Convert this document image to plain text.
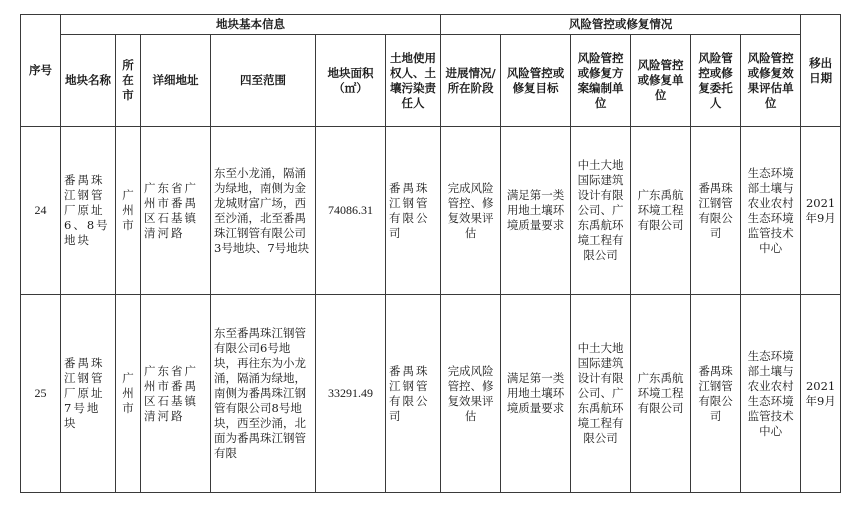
序号	地块基本信息						风险管控或修复情况						移出日期
	地块名称	所在市	详细地址	四至范围	地块面积（㎡）	土地使用权人、土壤污染责任人	进展情况/所在阶段	风险管控或修复目标	风险管控或修复方案编制单位	风险管控或修复单位	风险管控或修复委托人	风险管控或修复效果评估单位	
24	番禺珠江钢管厂原址6、8号地块	广州市	广东省广州市番禺区石基镇清河路	东至小龙涌，隔涌为绿地，南侧为金龙城财富广场，西至沙涌，北至番禺珠江钢管有限公司3号地块、7号地块	74086.31	番禺珠江钢管有限公司	完成风险管控、修复效果评估	满足第一类用地土壤环境质量要求	中土大地国际建筑设计有限公司、广东禹航环境工程有限公司	广东禹航环境工程有限公司	番禺珠江钢管有限公司	生态环境部土壤与农业农村生态环境监管技术中心	2021年9月
25	番禺珠江钢管厂原址7号地块	广州市	广东省广州市番禺区石基镇清河路	东至番禺珠江钢管有限公司6号地块，再往东为小龙涌，隔涌为绿地，南侧为番禺珠江钢管有限公司8号地块，西至沙涌，北面为番禺珠江钢管有限	33291.49	番禺珠江钢管有限公司	完成风险管控、修复效果评估	满足第一类用地土壤环境质量要求	中土大地国际建筑设计有限公司、广东禹航环境工程有限公司	广东禹航环境工程有限公司	番禺珠江钢管有限公司	生态环境部土壤与农业农村生态环境监管技术中心	2021年9月
